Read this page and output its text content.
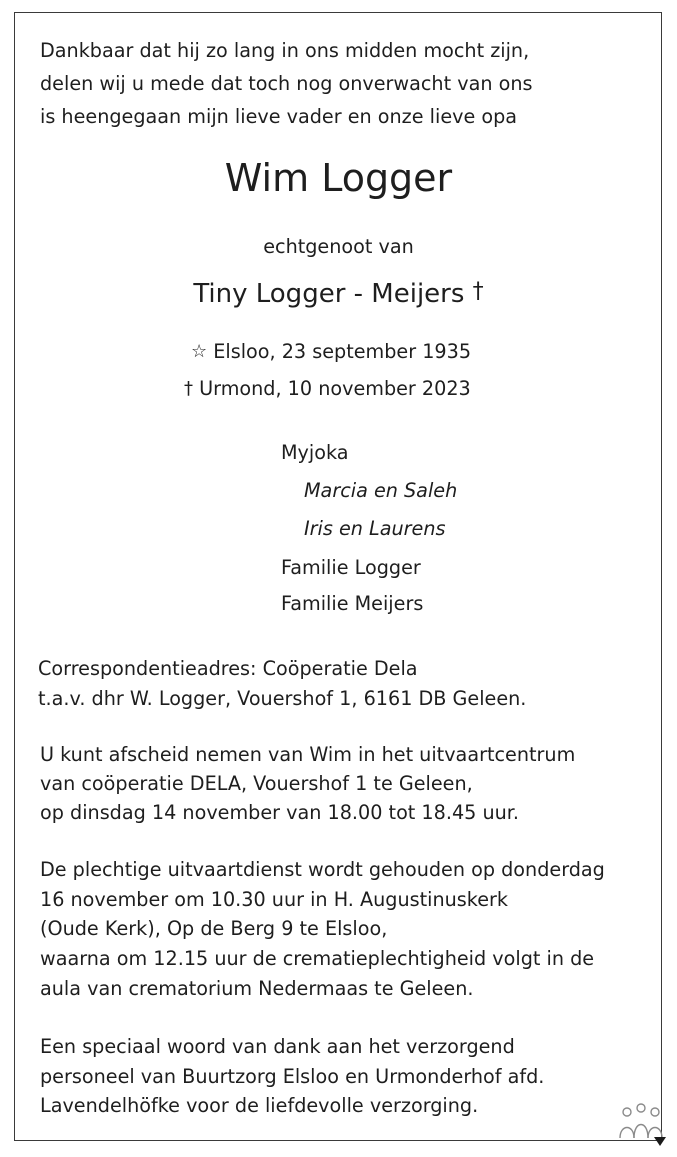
Dankbaar dat hij zo lang in ons midden mocht zijn,
delen wij u mede dat toch nog onverwacht van ons
is heengegaan mijn lieve vader en onze lieve opa
Wim Logger
echtgenoot van
Tiny Logger - Meijers †
☆ Elsloo, 23 september 1935
† Urmond, 10 november 2023
Myjoka
Marcia en Saleh
Iris en Laurens
Familie Logger
Familie Meijers
Correspondentieadres: Coöperatie Dela
t.a.v. dhr W. Logger, Vouershof 1, 6161 DB Geleen.
U kunt afscheid nemen van Wim in het uitvaartcentrum
van coöperatie DELA, Vouershof 1 te Geleen,
op dinsdag 14 november van 18.00 tot 18.45 uur.
De plechtige uitvaartdienst wordt gehouden op donderdag
16 november om 10.30 uur in H. Augustinuskerk
(Oude Kerk), Op de Berg 9 te Elsloo,
waarna om 12.15 uur de crematieplechtigheid volgt in de
aula van crematorium Nedermaas te Geleen.
Een speciaal woord van dank aan het verzorgend
personeel van Buurtzorg Elsloo en Urmonderhof afd.
Lavendelhöfke voor de liefdevolle verzorging.
